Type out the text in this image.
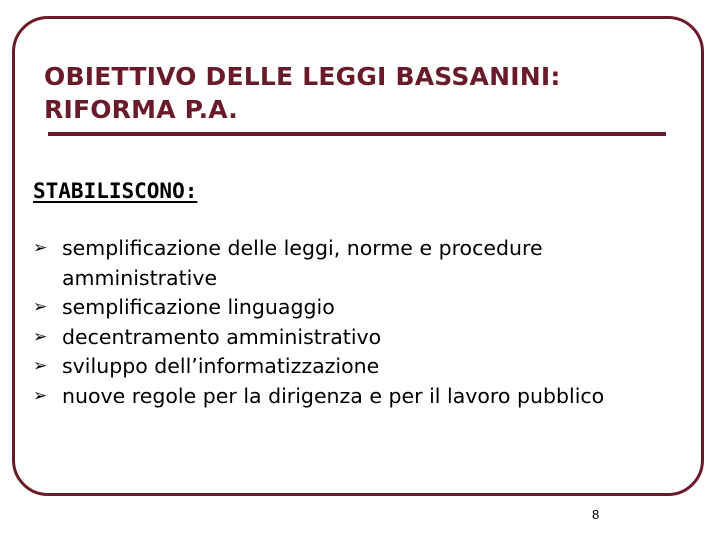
OBIETTIVO DELLE LEGGI BASSANINI:
RIFORMA P.A.
STABILISCONO:
➢ semplificazione delle leggi, norme e procedure amministrative
➢ semplificazione linguaggio
➢ decentramento amministrativo
➢ sviluppo dell’informatizzazione
➢ nuove regole per la dirigenza e per il lavoro pubblico
8
